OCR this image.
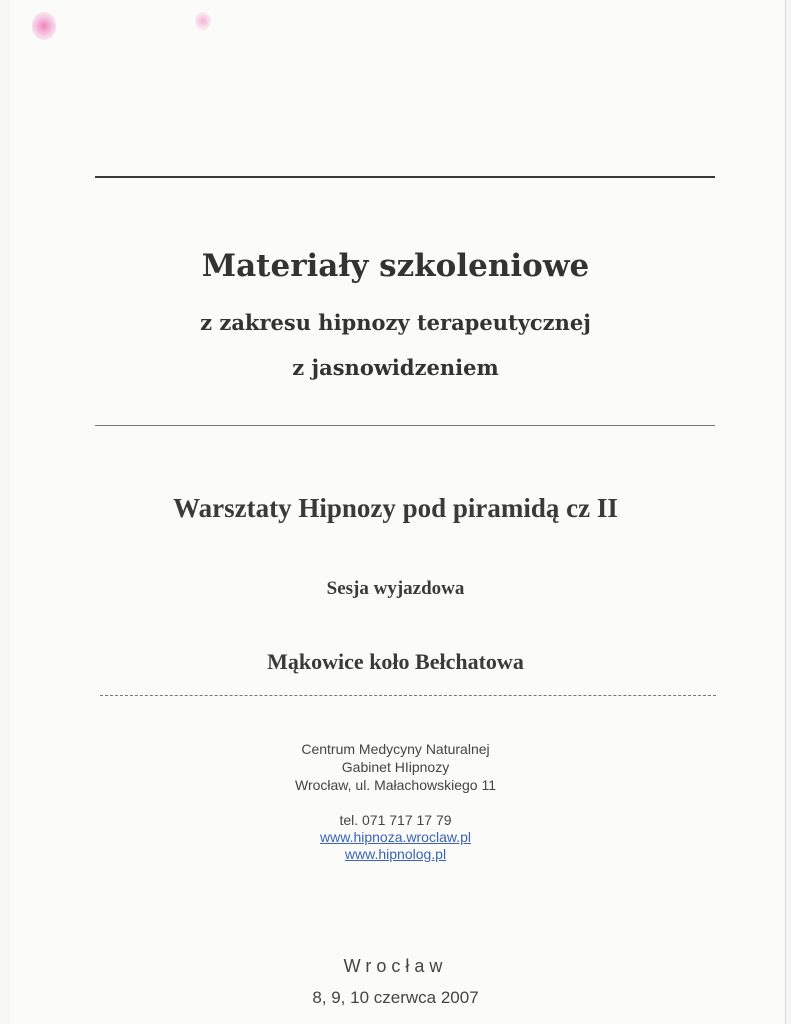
Materiały szkoleniowe
z zakresu hipnozy terapeutycznej
z jasnowidzeniem
Warsztaty Hipnozy pod piramidą cz II
Sesja wyjazdowa
Mąkowice koło Bełchatowa
Centrum Medycyny Naturalnej
Gabinet HIipnozy
Wrocław, ul. Małachowskiego 11
tel. 071 717 17 79
www.hipnoza.wroclaw.pl
www.hipnolog.pl
Wrocław
8, 9, 10 czerwca 2007
